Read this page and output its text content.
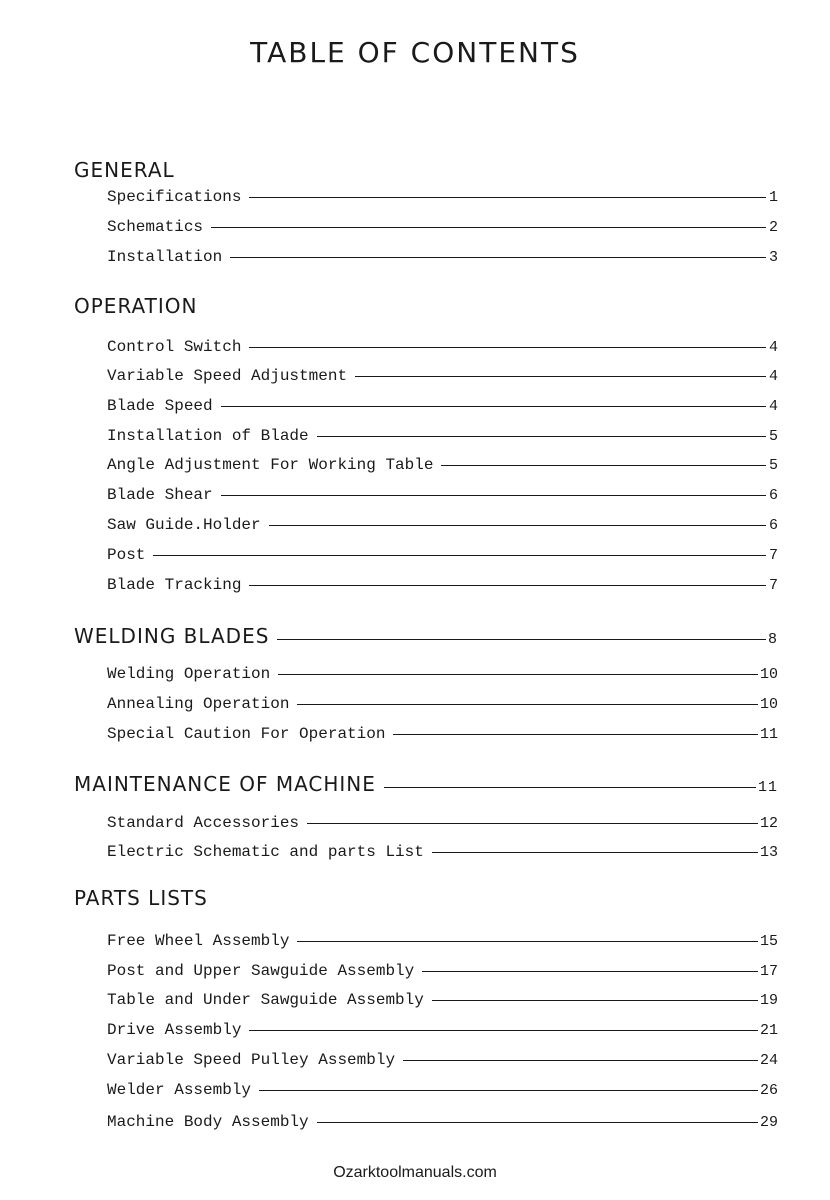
TABLE OF CONTENTS
GENERAL
Specifications	1
Schematics	2
Installation	3
OPERATION
Control Switch	4
Variable Speed Adjustment	4
Blade Speed	4
Installation of Blade	5
Angle Adjustment For Working Table	5
Blade Shear	6
Saw Guide.Holder	6
Post	7
Blade Tracking	7
WELDING BLADES	8
Welding Operation	10
Annealing Operation	10
Special Caution For Operation	11
MAINTENANCE OF MACHINE	11
Standard Accessories	12
Electric Schematic and parts List	13
PARTS LISTS
Free Wheel Assembly	15
Post and Upper Sawguide Assembly	17
Table and Under Sawguide Assembly	19
Drive Assembly	21
Variable Speed Pulley Assembly	24
Welder Assembly	26
Machine Body Assembly	29
Ozarktoolmanuals.com
